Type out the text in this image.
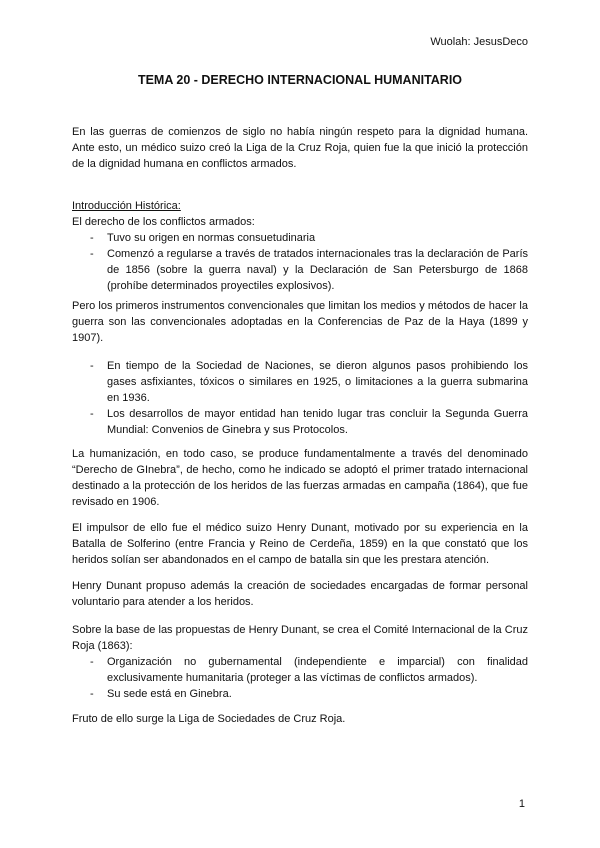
Wuolah: JesusDeco
TEMA 20 - DERECHO INTERNACIONAL HUMANITARIO

En las guerras de comienzos de siglo no había ningún respeto para la dignidad humana. Ante esto, un médico suizo creó la Liga de la Cruz Roja, quien fue la que inició la protección de la dignidad humana en conflictos armados.

Introducción Histórica:

El derecho de los conflictos armados:

- Tuvo su origen en normas consuetudinaria
- Comenzó a regularse a través de tratados internacionales tras la declaración de París de 1856 (sobre la guerra naval) y la Declaración de San Petersburgo de 1868 (prohíbe determinados proyectiles explosivos).

Pero los primeros instrumentos convencionales que limitan los medios y métodos de hacer la guerra son las convencionales adoptadas en la Conferencias de Paz de la Haya (1899 y 1907).

- En tiempo de la Sociedad de Naciones, se dieron algunos pasos prohibiendo los gases asfixiantes, tóxicos o similares en 1925, o limitaciones a la guerra submarina en 1936.
- Los desarrollos de mayor entidad han tenido lugar tras concluir la Segunda Guerra Mundial: Convenios de Ginebra y sus Protocolos.

La humanización, en todo caso, se produce fundamentalmente a través del denominado “Derecho de GInebra”, de hecho, como he indicado se adoptó el primer tratado internacional destinado a la protección de los heridos de las fuerzas armadas en campaña (1864), que fue revisado en 1906.

El impulsor de ello fue el médico suizo Henry Dunant, motivado por su experiencia en la Batalla de Solferino (entre Francia y Reino de Cerdeña, 1859) en la que constató que los heridos solían ser abandonados en el campo de batalla sin que les prestara atención.

Henry Dunant propuso además la creación de sociedades encargadas de formar personal voluntario para atender a los heridos.

Sobre la base de las propuestas de Henry Dunant, se crea el Comité Internacional de la Cruz Roja (1863):

- Organización no gubernamental (independiente e imparcial) con finalidad exclusivamente humanitaria (proteger a las víctimas de conflictos armados).
- Su sede está en Ginebra.

Fruto de ello surge la Liga de Sociedades de Cruz Roja.

1
